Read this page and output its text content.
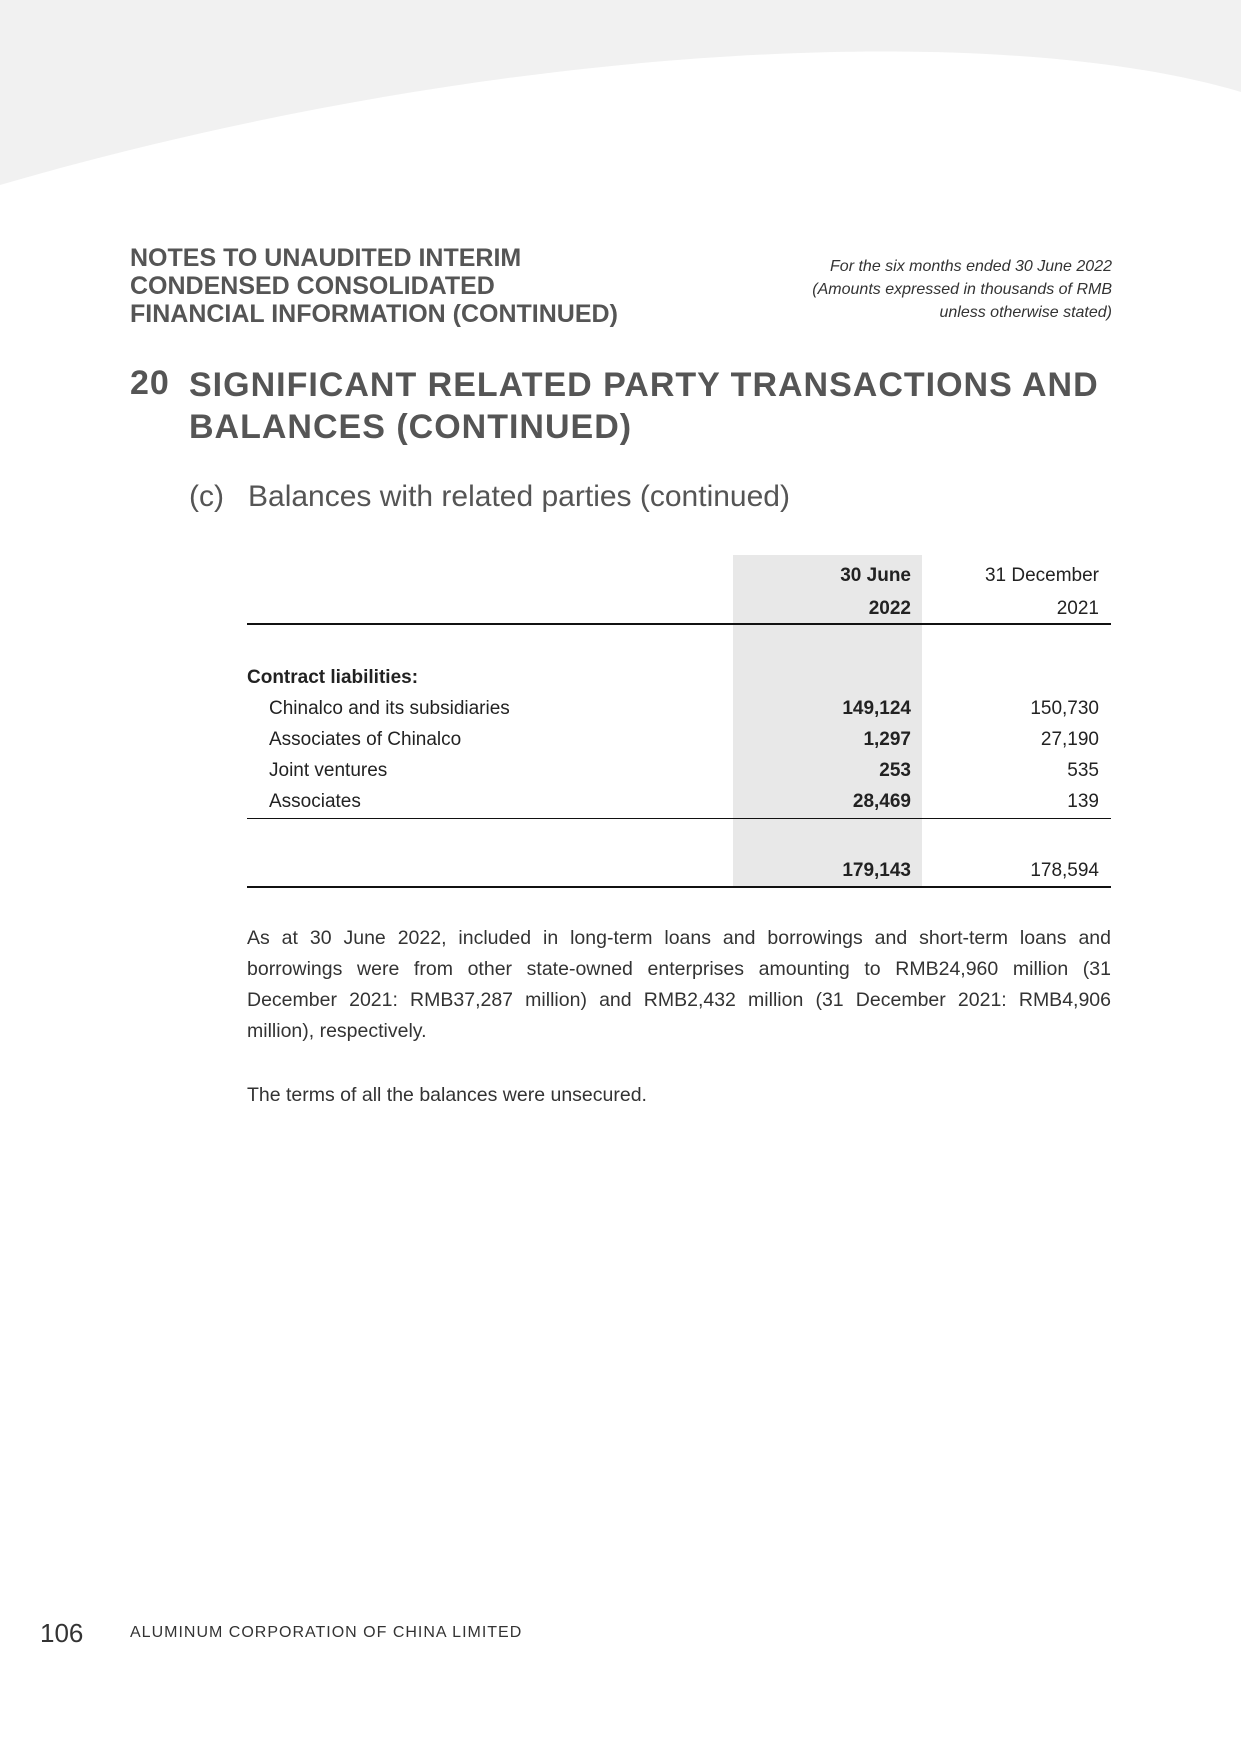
NOTES TO UNAUDITED INTERIM
CONDENSED CONSOLIDATED
FINANCIAL INFORMATION (CONTINUED)
For the six months ended 30 June 2022
(Amounts expressed in thousands of RMB
unless otherwise stated)
20 SIGNIFICANT RELATED PARTY TRANSACTIONS AND
BALANCES (CONTINUED)
(c) Balances with related parties (continued)
30 June
2022
31 December
2021
Contract liabilities:
Chinalco and its subsidiaries	149,124	150,730
Associates of Chinalco	1,297	27,190
Joint ventures	253	535
Associates	28,469	139
179,143	178,594
As at 30 June 2022, included in long-term loans and borrowings and short-term loans and borrowings were from other state-owned enterprises amounting to RMB24,960 million (31 December 2021: RMB37,287 million) and RMB2,432 million (31 December 2021: RMB4,906 million), respectively.
The terms of all the balances were unsecured.
106	ALUMINUM CORPORATION OF CHINA LIMITED
